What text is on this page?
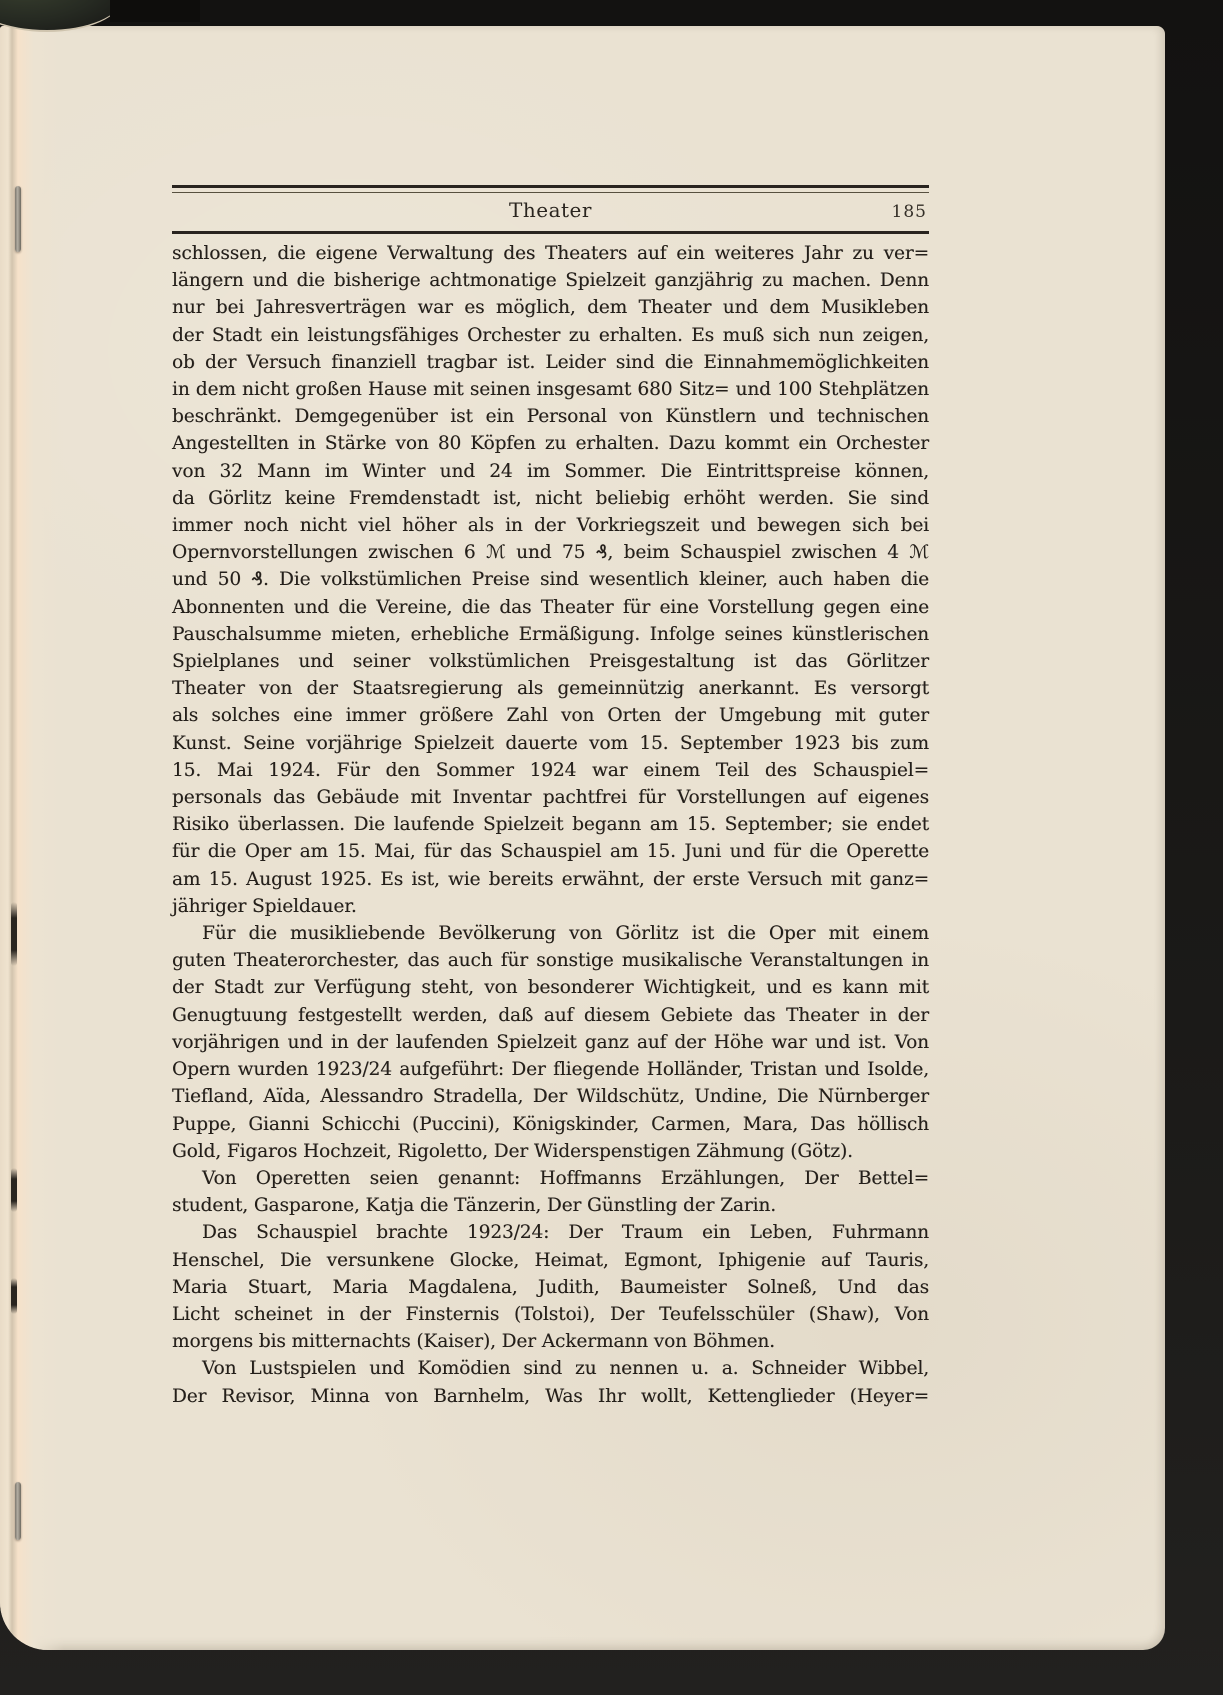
Theater	185
schlossen, die eigene Verwaltung des Theaters auf ein weiteres Jahr zu ver=
längern und die bisherige achtmonatige Spielzeit ganzjährig zu machen. Denn
nur bei Jahresverträgen war es möglich, dem Theater und dem Musikleben
der Stadt ein leistungsfähiges Orchester zu erhalten. Es muß sich nun zeigen,
ob der Versuch finanziell tragbar ist. Leider sind die Einnahmemöglichkeiten
in dem nicht großen Hause mit seinen insgesamt 680 Sitz= und 100 Stehplätzen
beschränkt. Demgegenüber ist ein Personal von Künstlern und technischen
Angestellten in Stärke von 80 Köpfen zu erhalten. Dazu kommt ein Orchester
von 32 Mann im Winter und 24 im Sommer. Die Eintrittspreise können,
da Görlitz keine Fremdenstadt ist, nicht beliebig erhöht werden. Sie sind
immer noch nicht viel höher als in der Vorkriegszeit und bewegen sich bei
Opernvorstellungen zwischen 6 ℳ und 75 ₰, beim Schauspiel zwischen 4 ℳ
und 50 ₰. Die volkstümlichen Preise sind wesentlich kleiner, auch haben die
Abonnenten und die Vereine, die das Theater für eine Vorstellung gegen eine
Pauschalsumme mieten, erhebliche Ermäßigung. Infolge seines künstlerischen
Spielplanes und seiner volkstümlichen Preisgestaltung ist das Görlitzer
Theater von der Staatsregierung als gemeinnützig anerkannt. Es versorgt
als solches eine immer größere Zahl von Orten der Umgebung mit guter
Kunst. Seine vorjährige Spielzeit dauerte vom 15. September 1923 bis zum
15. Mai 1924. Für den Sommer 1924 war einem Teil des Schauspiel=
personals das Gebäude mit Inventar pachtfrei für Vorstellungen auf eigenes
Risiko überlassen. Die laufende Spielzeit begann am 15. September; sie endet
für die Oper am 15. Mai, für das Schauspiel am 15. Juni und für die Operette
am 15. August 1925. Es ist, wie bereits erwähnt, der erste Versuch mit ganz=
jähriger Spieldauer.
Für die musikliebende Bevölkerung von Görlitz ist die Oper mit einem
guten Theaterorchester, das auch für sonstige musikalische Veranstaltungen in
der Stadt zur Verfügung steht, von besonderer Wichtigkeit, und es kann mit
Genugtuung festgestellt werden, daß auf diesem Gebiete das Theater in der
vorjährigen und in der laufenden Spielzeit ganz auf der Höhe war und ist. Von
Opern wurden 1923/24 aufgeführt: Der fliegende Holländer, Tristan und Isolde,
Tiefland, Aïda, Alessandro Stradella, Der Wildschütz, Undine, Die Nürnberger
Puppe, Gianni Schicchi (Puccini), Königskinder, Carmen, Mara, Das höllisch
Gold, Figaros Hochzeit, Rigoletto, Der Widerspenstigen Zähmung (Götz).
Von Operetten seien genannt: Hoffmanns Erzählungen, Der Bettel=
student, Gasparone, Katja die Tänzerin, Der Günstling der Zarin.
Das Schauspiel brachte 1923/24: Der Traum ein Leben, Fuhrmann
Henschel, Die versunkene Glocke, Heimat, Egmont, Iphigenie auf Tauris,
Maria Stuart, Maria Magdalena, Judith, Baumeister Solneß, Und das
Licht scheinet in der Finsternis (Tolstoi), Der Teufelsschüler (Shaw), Von
morgens bis mitternachts (Kaiser), Der Ackermann von Böhmen.
Von Lustspielen und Komödien sind zu nennen u. a. Schneider Wibbel,
Der Revisor, Minna von Barnhelm, Was Ihr wollt, Kettenglieder (Heyer=
